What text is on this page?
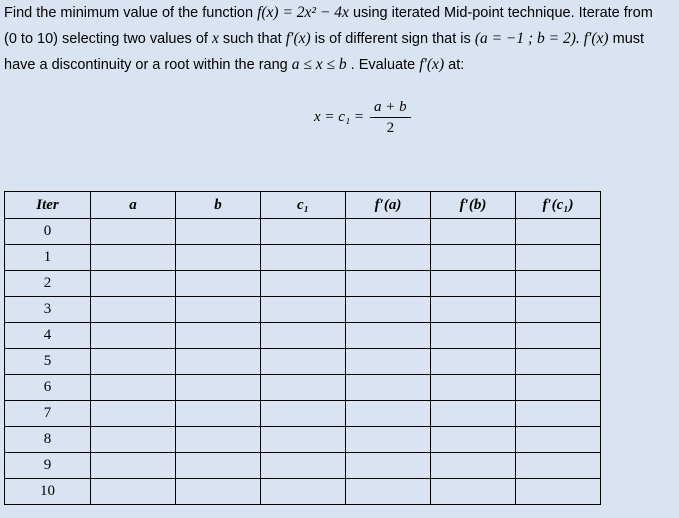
Find the minimum value of the function f(x) = 2x² − 4x using iterated Mid-point technique. Iterate from

(0 to 10) selecting two values of x such that f′(x) is of different sign that is (a = −1 ; b = 2). f′(x) must

have a discontinuity or a root within the rang a ≤ x ≤ b . Evaluate f′(x) at:

$x = c_1 = \frac{a + b}{2}$
Iter	a	b	c₁	f′(a)	f′(b)	f′(c₁)
0						
1						
2						
3						
4						
5						
6						
7						
8						
9						
10						
